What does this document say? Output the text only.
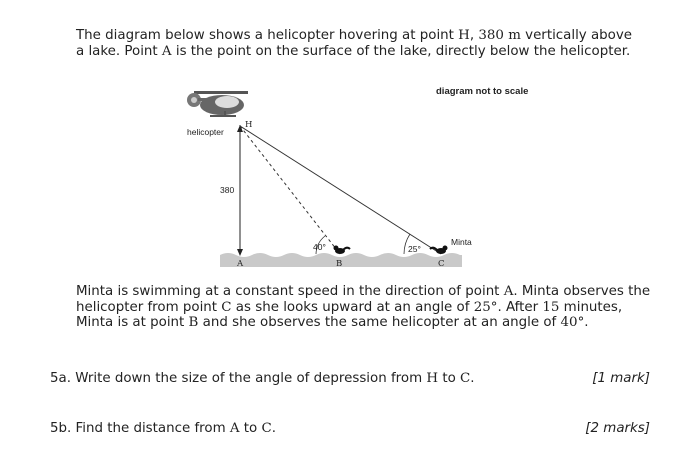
The diagram below shows a helicopter hovering at point H, 380 m vertically above a lake. Point A is the point on the surface of the lake, directly below the helicopter.

diagram not to scale
helicopter
H
380
40°	25°
Minta
A	B	C

Minta is swimming at a constant speed in the direction of point A. Minta observes the helicopter from point C as she looks upward at an angle of 25°. After 15 minutes, Minta is at point B and she observes the same helicopter at an angle of 40°.

5a. Write down the size of the angle of depression from H to C.	[1 mark]
5b. Find the distance from A to C.	[2 marks]
